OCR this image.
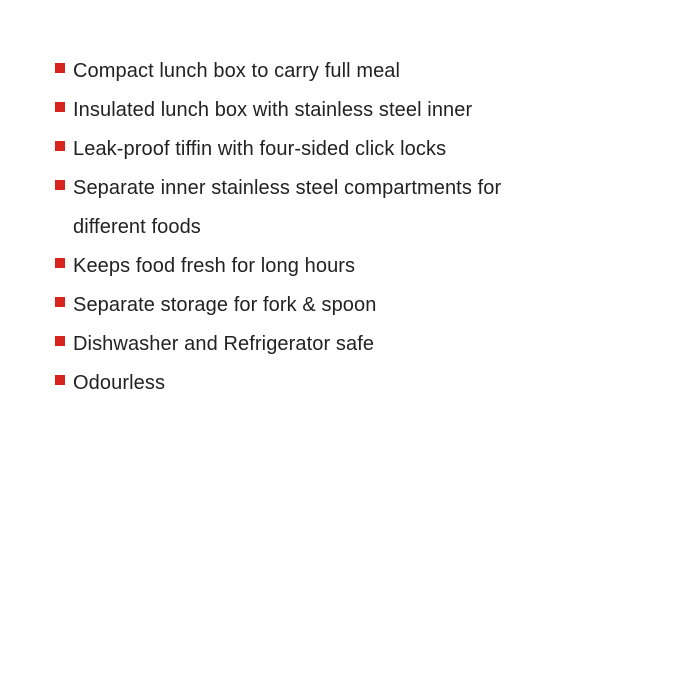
Compact lunch box to carry full meal
Insulated lunch box with stainless steel inner
Leak-proof tiffin with four-sided click locks
Separate inner stainless steel compartments for different foods
Keeps food fresh for long hours
Separate storage for fork & spoon
Dishwasher and Refrigerator safe
Odourless
